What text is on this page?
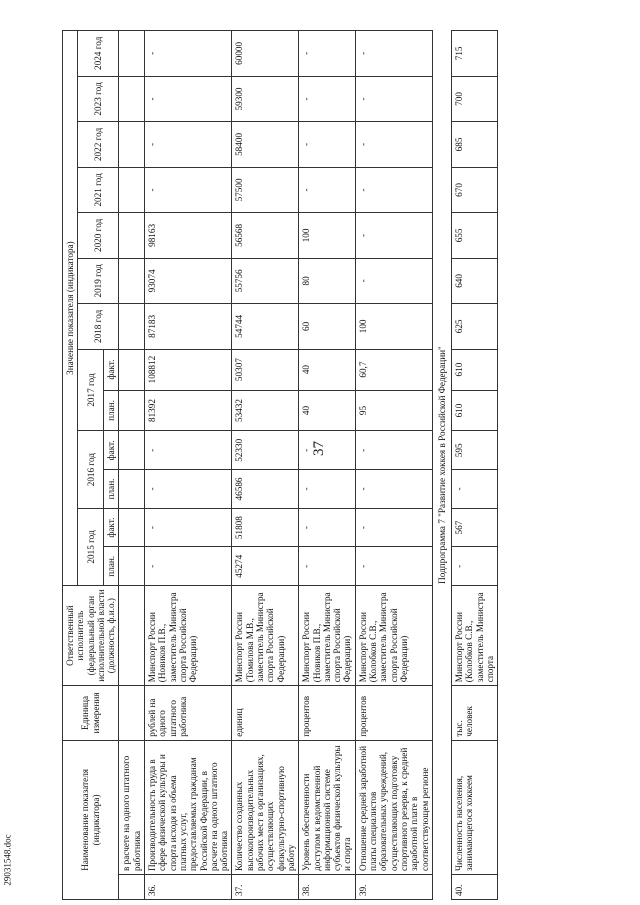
37
29031548.doc	Наименование показателя (индикатора)		Единица измерения	Ответственный исполнитель (федеральный орган исполнительной власти (должность, ф.и.о.)	Значение показателя (индикатора)												
				2015 год		2016 год		2017 год		2018 год	2019 год	2020 год	2021 год	2022 год	2023 год	2024 год
				план.	факт.	план.	факт.	план.	факт.							
	в расчете на одного штатного работника															
36.	Производительность труда в сфере физической культуры и спорта исходя из объема платных услуг, предоставляемых гражданам Российской Федерации, в расчете на одного штатного работника	рублей на одного штатного работника	Минспорт России (Новиков П.В., заместитель Министра спорта Российской Федерации)	-	-	-	-	81392	108812	87183	93074	98163	-	-	-	-
37.	Количество созданных высокопроизводительных рабочих мест в организациях, осуществляющих физкультурно-спортивную работу	единиц	Минспорт России (Томилова М.В., заместитель Министра спорта Российской Федерации)	45274	51808	46586	52330	53432	50307	54744	55756	56568	57500	58400	59300	60000
38.	Уровень обеспеченности доступом к ведомственной информационной системе субъектов физической культуры и спорта	процентов	Минспорт России (Новиков П.В., заместитель Министра спорта Российской Федерации)	-	-	-	-	40	40	60	80	100	-	-	-	-
39.	Отношение средней заработной платы специалистов образовательных учреждений, осуществляющих подготовку спортивного резерва, к средней заработной плате в соответствующем регионе	процентов	Минспорт России (Колобков С.В., заместитель Министра спорта Российской Федерации)	-	-	-	-	95	60,7	100	-	-	-	-	-	-
Подпрограмма 7 "Развитие хоккея в Российской Федерации"																
40.	Численность населения, занимающегося хоккеем	тыс. человек	Минспорт России (Колобков С.В., заместитель Министра спорта	-	567	-	595	610	610	625	640	655	670	685	700	715
